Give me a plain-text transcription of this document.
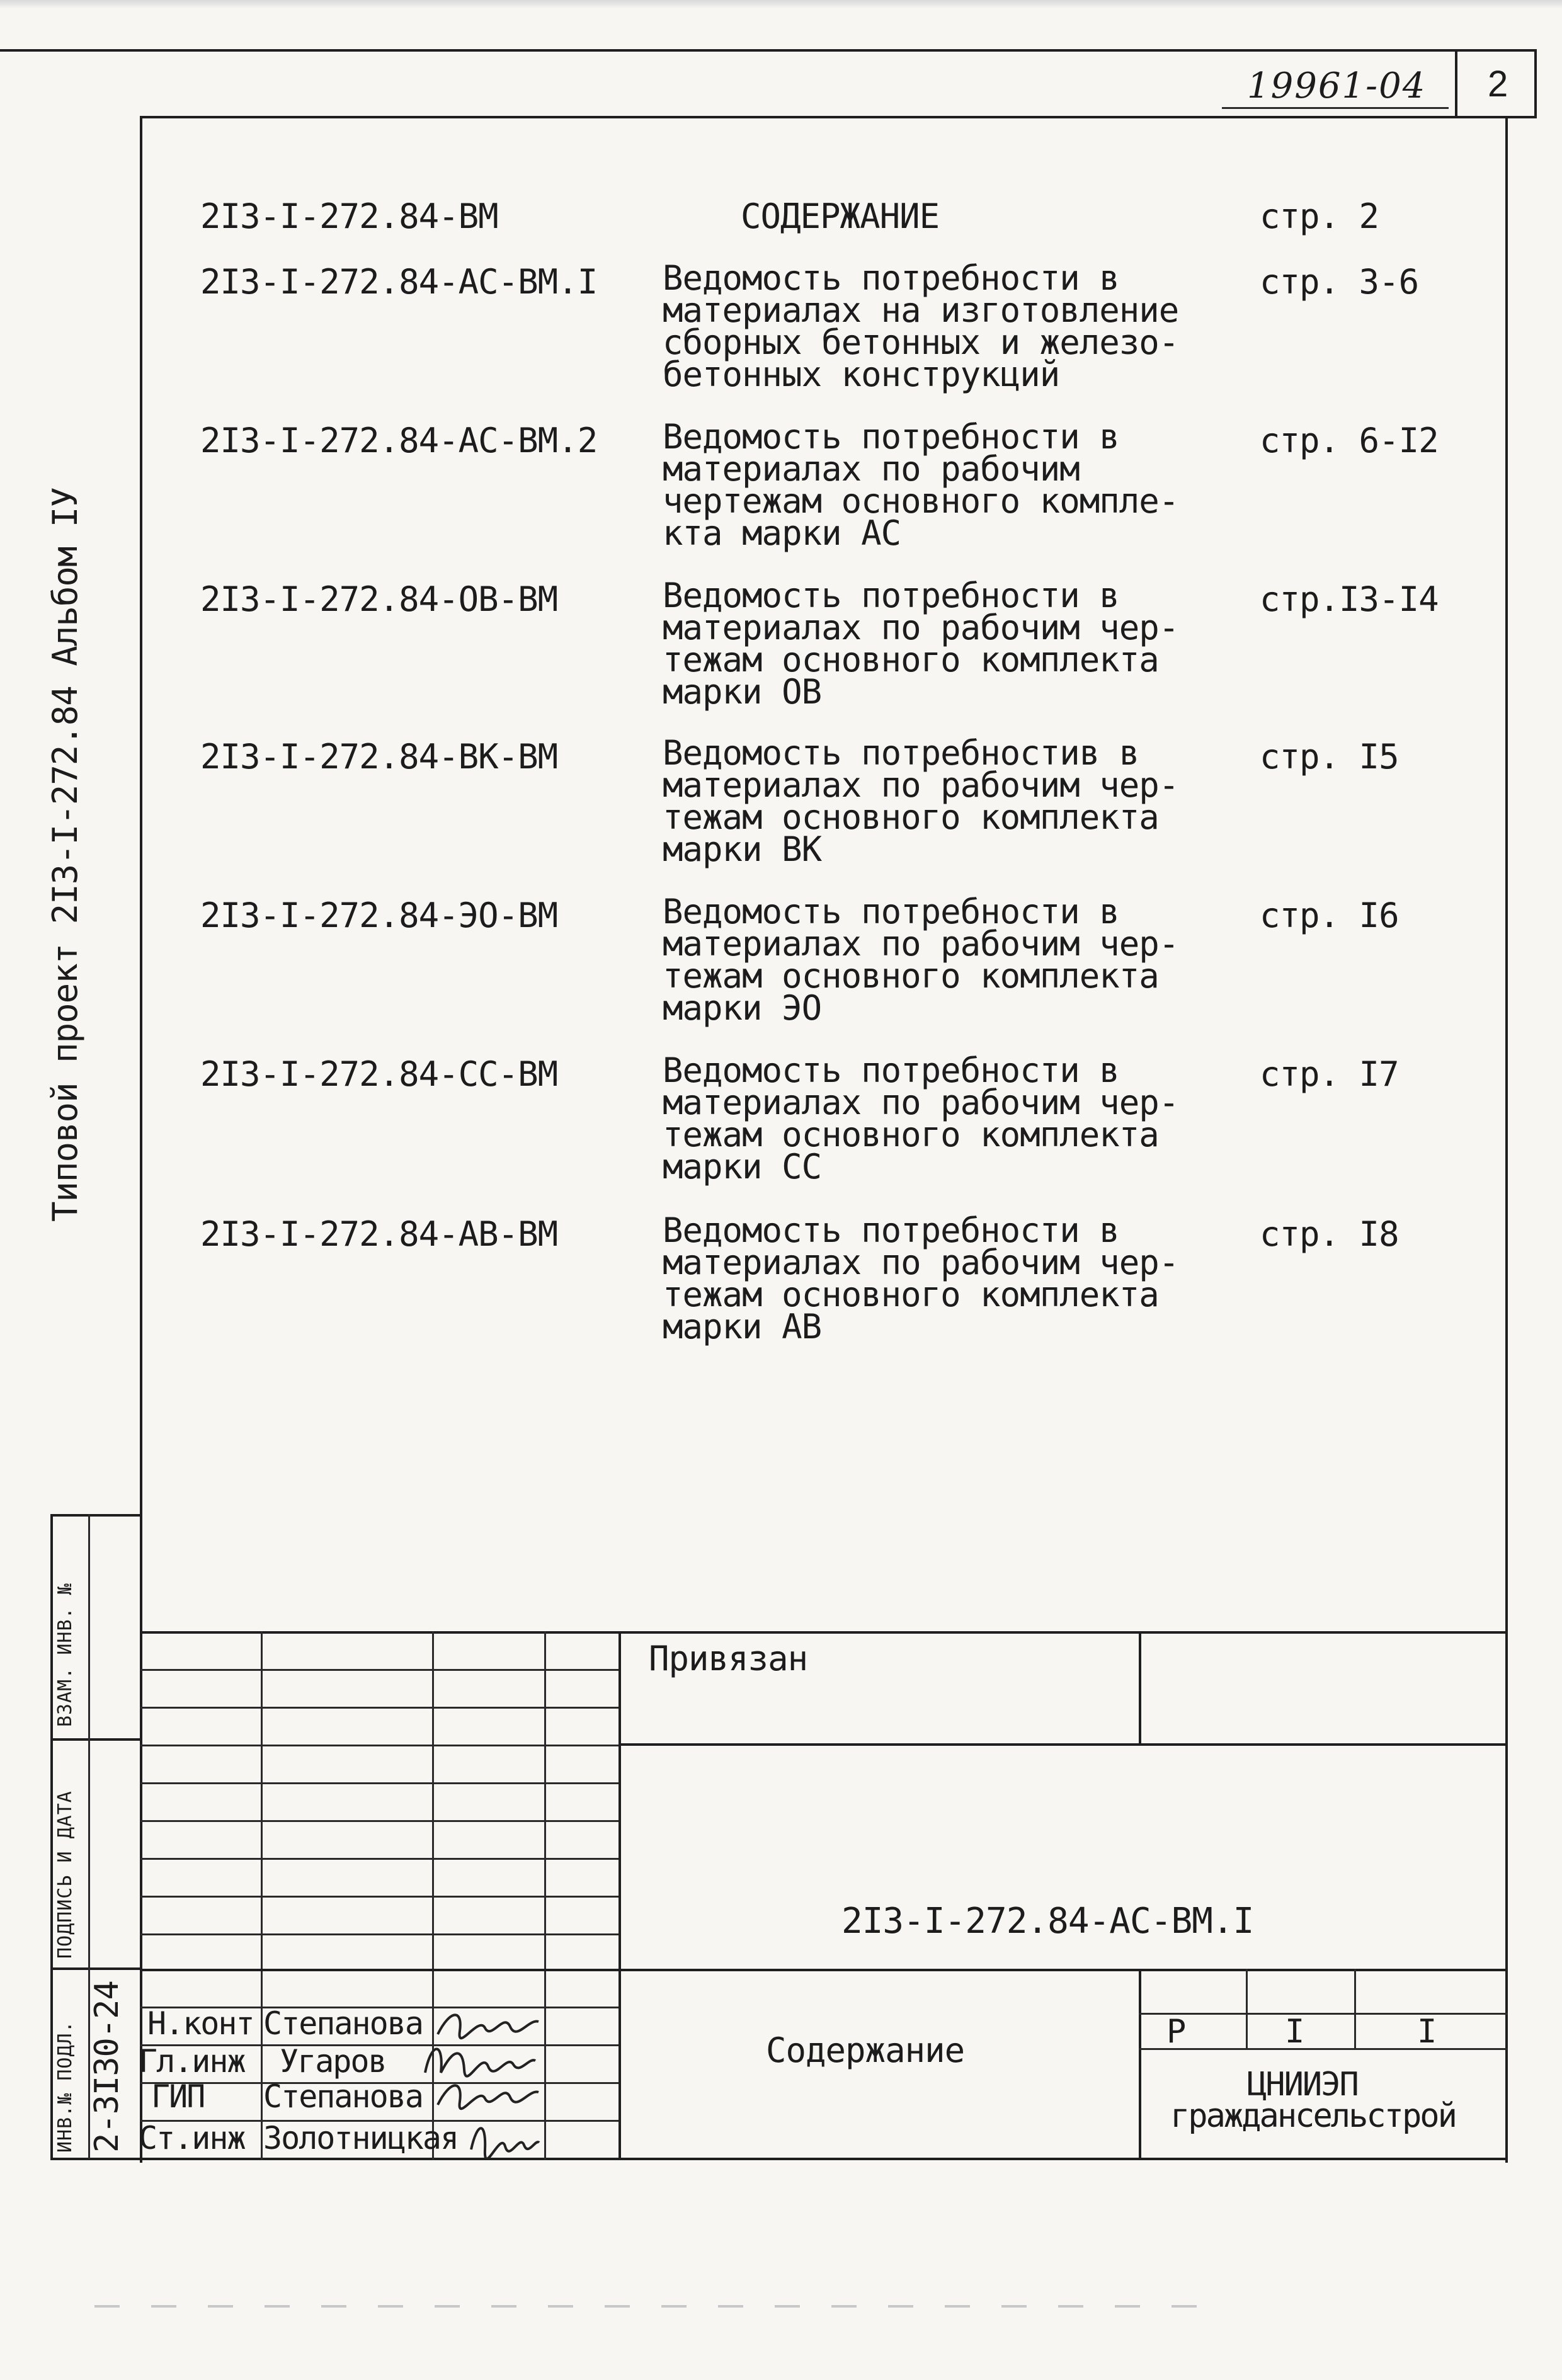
19961-04 2
Типовой проект 2I3-I-272.84 Альбом IУ
2I3-I-272.84-ВМ	СОДЕРЖАНИЕ	стр. 2
2I3-I-272.84-АС-ВМ.I Ведомость потребности в
материалах на изготовление
сборных бетонных и железо-
бетонных конструкций
стр. 3-6
2I3-I-272.84-АС-ВМ.2 Ведомость потребности в
материалах по рабочим
чертежам основного компле-
кта марки АС
стр. 6-I2
2I3-I-272.84-ОВ-ВМ	Ведомость потребности в
материалах по рабочим чер-
тежам основного комплекта
марки ОВ
стр.I3-I4
2I3-I-272.84-ВК-ВМ	Ведомость потребностив в
материалах по рабочим чер-
тежам основного комплекта
марки ВК
стр. I5
2I3-I-272.84-ЭО-ВМ	Ведомость потребности в
материалах по рабочим чер-
тежам основного комплекта
марки ЭО
стр. I6
2I3-I-272.84-СС-ВМ	Ведомость потребности в
материалах по рабочим чер-
тежам основного комплекта
марки СС
стр. I7
2I3-I-272.84-АВ-ВМ	Ведомость потребности в
материалах по рабочим чер-
тежам основного комплекта
марки АВ
стр. I8
ВЗАМ. ИНВ. №
ПОДПИСЬ И ДАТА
ИНВ.№ ПОДЛ. 2-3I30-24
Привязан
2I3-I-272.84-АС-ВМ.I
Содержание	Р	I	I
ЦНИИЭП
граждансельстрой
Н.конт Степанова
Гл.инж Угаров
ГИП Степанова
Ст.инж Золотницкая
